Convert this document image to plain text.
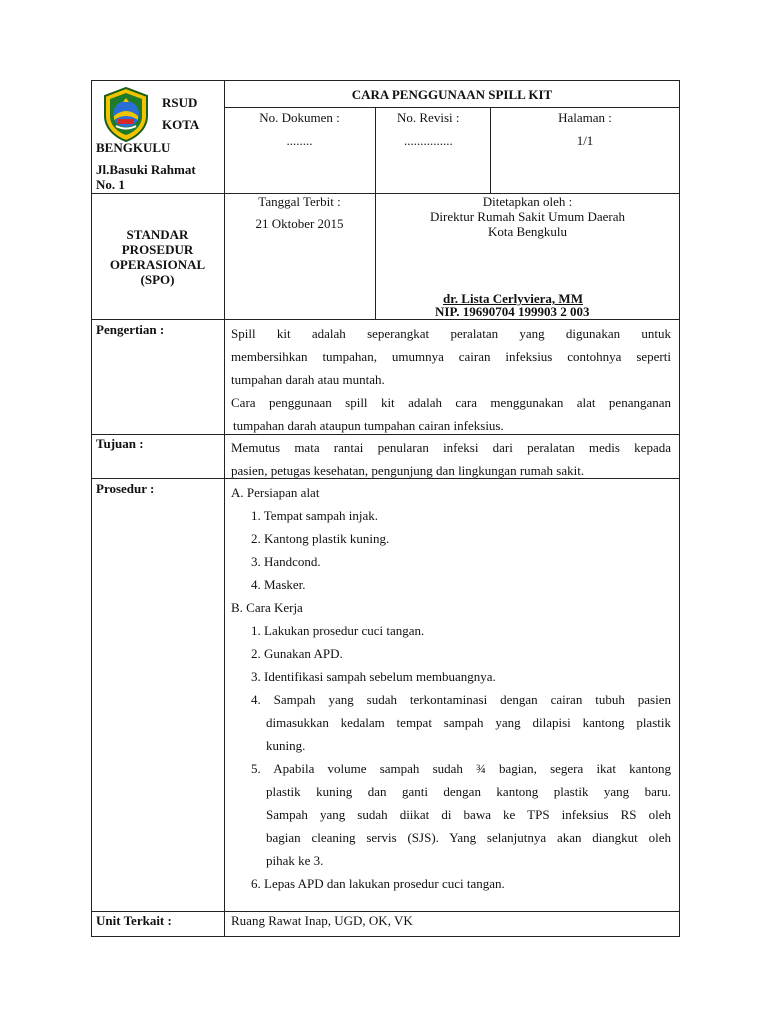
RSUD
KOTA
BENGKULU
Jl.Basuki Rahmat
No. 1
CARA PENGGUNAAN SPILL KIT
No. Dokumen :
........
No. Revisi :
...............
Halaman :
1/1
STANDAR
PROSEDUR
OPERASIONAL
(SPO)
Tanggal Terbit :
21 Oktober 2015
Ditetapkan oleh :
Direktur Rumah Sakit Umum Daerah
Kota Bengkulu
dr. Lista Cerlyviera, MM
NIP. 19690704 199903 2 003
Pengertian :
Tujuan :
Prosedur :
Unit Terkait :
Spill kit adalah seperangkat peralatan yang digunakan untuk
membersihkan tumpahan, umumnya cairan infeksius contohnya seperti
tumpahan darah atau muntah.
Cara penggunaan spill kit adalah cara menggunakan alat penanganan
tumpahan darah ataupun tumpahan cairan infeksius.
Memutus mata rantai penularan infeksi dari peralatan medis kepada
pasien, petugas kesehatan, pengunjung dan lingkungan rumah sakit.
A. Persiapan alat
1. Tempat sampah injak.
2. Kantong plastik kuning.
3. Handcond.
4. Masker.
B. Cara Kerja
1. Lakukan prosedur cuci tangan.
2. Gunakan APD.
3. Identifikasi sampah sebelum membuangnya.
4. Sampah yang sudah terkontaminasi dengan cairan tubuh pasien
dimasukkan kedalam tempat sampah yang dilapisi kantong plastik
kuning.
5. Apabila volume sampah sudah ¾ bagian, segera ikat kantong
plastik kuning dan ganti dengan kantong plastik yang baru.
Sampah yang sudah diikat di bawa ke TPS infeksius RS oleh
bagian cleaning servis (SJS). Yang selanjutnya akan diangkut oleh
pihak ke 3.
6. Lepas APD dan lakukan prosedur cuci tangan.
Ruang Rawat Inap, UGD, OK, VK
